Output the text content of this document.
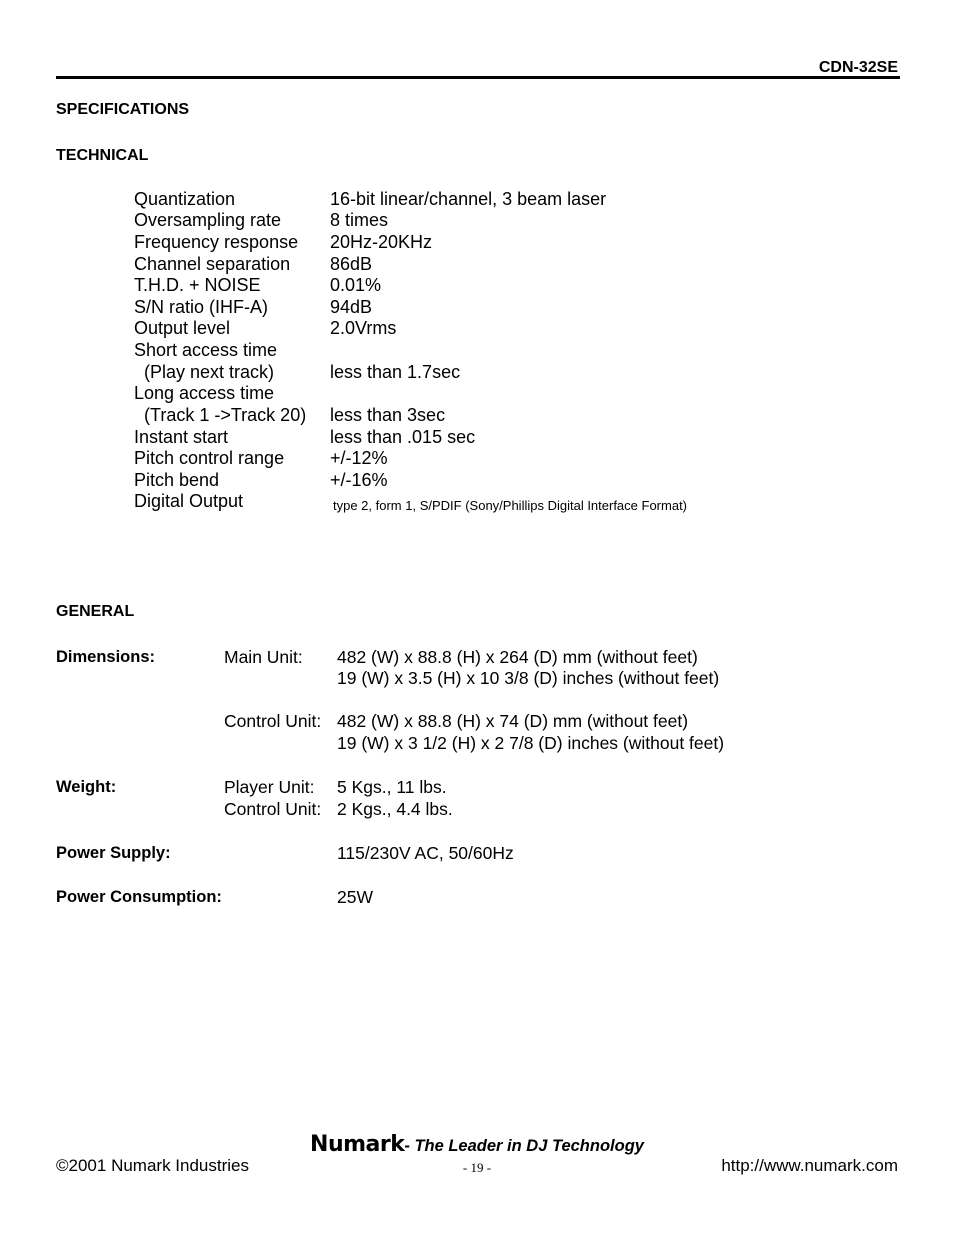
CDN-32SE
SPECIFICATIONS
TECHNICAL
Quantization	16-bit linear/channel, 3 beam laser
Oversampling rate	8 times
Frequency response 20Hz-20KHz
Channel separation 86dB
T.H.D. + NOISE	0.01%
S/N ratio (IHF-A)	94dB
Output level	2.0Vrms
Short access time
(Play next track)	less than 1.7sec
Long access time
(Track 1 ->Track 20) less than 3sec
Instant start	less than .015 sec
Pitch control range	+/-12%
Pitch bend	+/-16%
Digital Output	type 2, form 1, S/PDIF (Sony/Phillips Digital Interface Format)
GENERAL
Dimensions:	Main Unit: 482 (W) x 88.8 (H) x 264 (D) mm (without feet)
19 (W) x 3.5 (H) x 10 3/8 (D) inches (without feet)
Control Unit: 482 (W) x 88.8 (H) x 74 (D) mm (without feet)
19 (W) x 3 1/2 (H) x 2 7/8 (D) inches (without feet)
Weight:	Player Unit: 5 Kgs., 11 lbs.
Control Unit: 2 Kgs., 4.4 lbs.
Power Supply:	115/230V AC, 50/60Hz
Power Consumption:	25W
Numark- The Leader in DJ Technology
©2001 Numark Industries	- 19 -	http://www.numark.com
